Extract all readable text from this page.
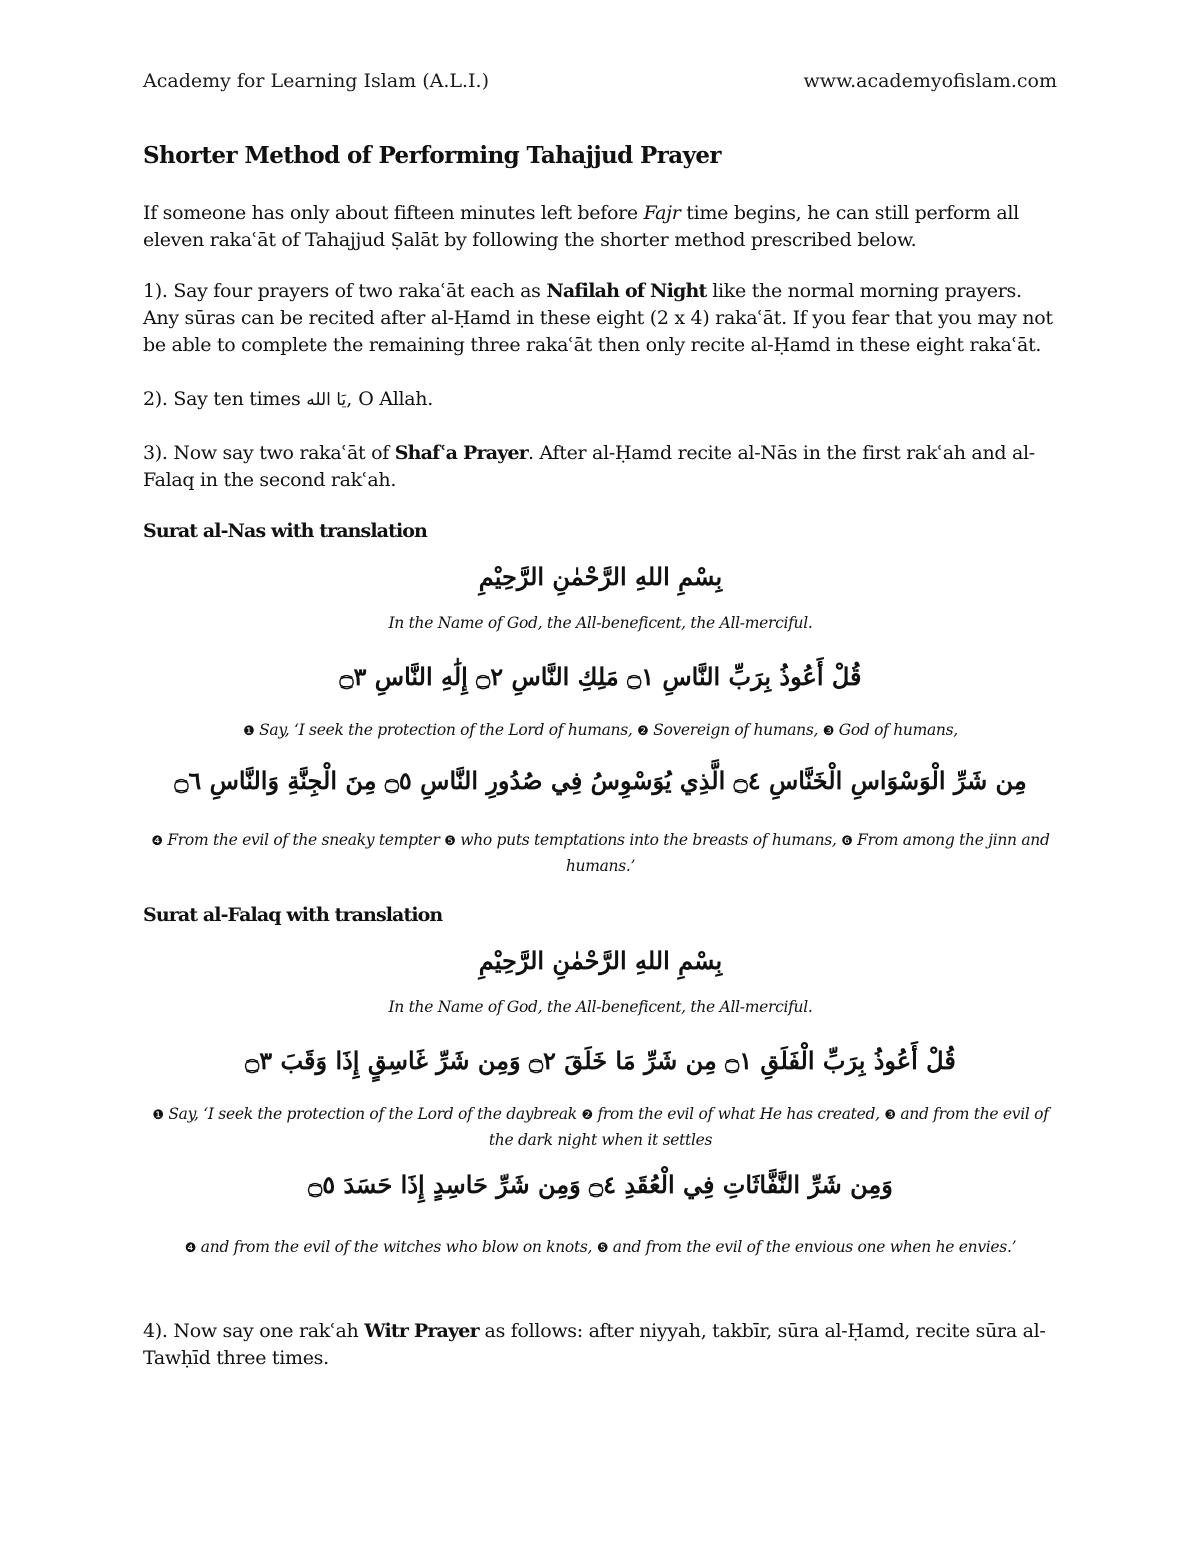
Academy for Learning Islam (A.L.I.)	www.academyofislam.com
Shorter Method of Performing Tahajjud Prayer
If someone has only about fifteen minutes left before Fajr time begins, he can still perform all eleven rakaʿāt of Tahajjud Ṣalāt by following the shorter method prescribed below.
1). Say four prayers of two rakaʿāt each as Nafilah of Night like the normal morning prayers. Any sūras can be recited after al-Ḥamd in these eight (2 x 4) rakaʿāt. If you fear that you may not be able to complete the remaining three rakaʿāt then only recite al-Ḥamd in these eight rakaʿāt.
2). Say ten times يَا الله, O Allah.
3). Now say two rakaʿāt of Shafʿa Prayer. After al-Ḥamd recite al-Nās in the first rakʿah and al-Falaq in the second rakʿah.
Surat al-Nas with translation
بِسْمِ اللهِ الرَّحْمٰنِ الرَّحِيْمِ
In the Name of God, the All-beneficent, the All-merciful.
قُلْ أَعُوذُ بِرَبِّ النَّاسِ ۝١ مَلِكِ النَّاسِ ۝٢ إِلَٰهِ النَّاسِ ۝٣
❶ Say, ‘I seek the protection of the Lord of humans, ❷ Sovereign of humans, ❸ God of humans,
مِن شَرِّ الْوَسْوَاسِ الْخَنَّاسِ ۝٤ الَّذِي يُوَسْوِسُ فِي صُدُورِ النَّاسِ ۝٥ مِنَ الْجِنَّةِ وَالنَّاسِ ۝٦
❹ From the evil of the sneaky tempter ❺ who puts temptations into the breasts of humans, ❻ From among the jinn and humans.’
Surat al-Falaq with translation
بِسْمِ اللهِ الرَّحْمٰنِ الرَّحِيْمِ
In the Name of God, the All-beneficent, the All-merciful.
قُلْ أَعُوذُ بِرَبِّ الْفَلَقِ ۝١ مِن شَرِّ مَا خَلَقَ ۝٢ وَمِن شَرِّ غَاسِقٍ إِذَا وَقَبَ ۝٣
❶ Say, ‘I seek the protection of the Lord of the daybreak ❷ from the evil of what He has created, ❸ and from the evil of the dark night when it settles
وَمِن شَرِّ النَّفَّاثَاتِ فِي الْعُقَدِ ۝٤ وَمِن شَرِّ حَاسِدٍ إِذَا حَسَدَ ۝٥
❹ and from the evil of the witches who blow on knots, ❺ and from the evil of the envious one when he envies.’
4). Now say one rakʿah Witr Prayer as follows: after niyyah, takbīr, sūra al-Ḥamd, recite sūra al-Tawḥīd three times.
